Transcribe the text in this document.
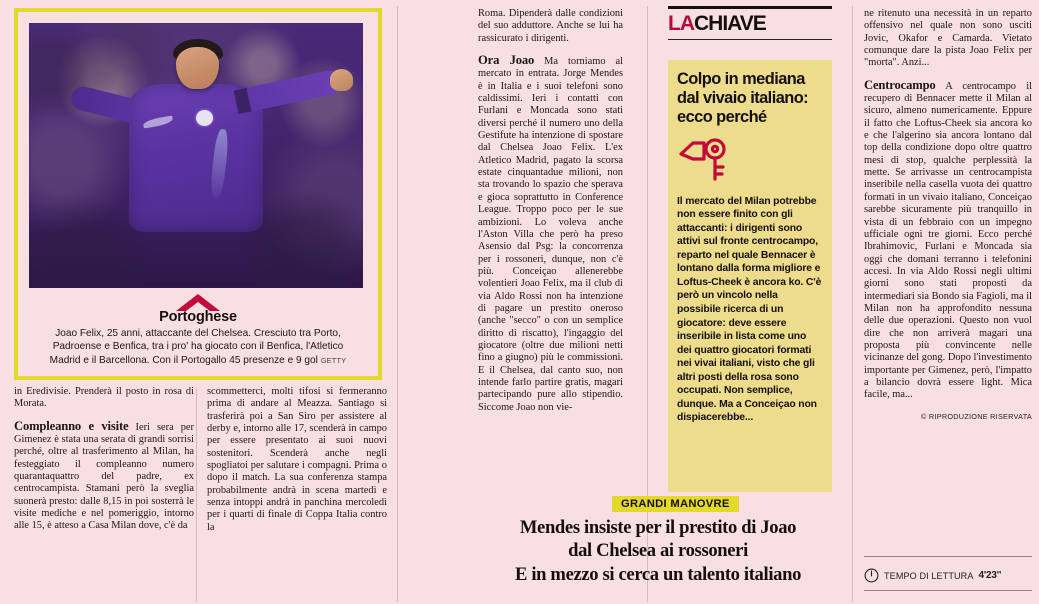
Portoghese
Joao Felix, 25 anni, attaccante del Chelsea. Cresciuto tra Porto, Padroense e Benfica, tra i pro' ha giocato con il Benfica, l'Atletico Madrid e il Barcellona. Con il Portogallo 45 presenze e 9 gol GETTY

in Eredivisie. Prenderà il posto in rosa di Morata.

Compleanno e visite Ieri sera per Gimenez è stata una serata di grandi sorrisi perché, oltre al trasferimento al Milan, ha festeggiato il compleanno numero quarantaquattro del padre, ex centrocampista. Stamani però la sveglia suonerà presto: dalle 8,15 in poi sosterrà le visite mediche e nel pomeriggio, intorno alle 15, è atteso a Casa Milan dove, c'è da

scommetterci, molti tifosi si fermeranno prima di andare al Meazza. Santiago si trasferirà poi a San Siro per assistere al derby e, intorno alle 17, scenderà in campo per essere presentato ai suoi nuovi sostenitori. Scenderà anche negli spogliatoi per salutare i compagni. Prima o dopo il match. La sua conferenza stampa probabilmente andrà in scena martedì e senza intoppi andrà in panchina mercoledì per i quarti di finale di Coppa Italia contro la

Roma. Dipenderà dalle condizioni del suo adduttore. Anche se lui ha rassicurato i dirigenti.

Ora Joao Ma torniamo al mercato in entrata. Jorge Mendes è in Italia e i suoi telefoni sono caldissimi. Ieri i contatti con Furlani e Moncada sono stati diversi perché il numero uno della Gestifute ha intenzione di spostare dal Chelsea Joao Felix. L'ex Atletico Madrid, pagato la scorsa estate cinquantadue milioni, non sta trovando lo spazio che sperava e gioca soprattutto in Conference League. Troppo poco per le sue ambizioni. Lo voleva anche l'Aston Villa che però ha preso Asensio dal Psg: la concorrenza per i rossoneri, dunque, non c'è più. Conceiçao allenerebbe volentieri Joao Felix, ma il club di via Aldo Rossi non ha intenzione di pagare un prestito oneroso (anche "secco" o con un semplice diritto di riscatto), l'ingaggio del giocatore (oltre due milioni netti fino a giugno) più le commissioni. E il Chelsea, dal canto suo, non intende farlo partire gratis, magari partecipando pure allo stipendio. Siccome Joao non vie-

LACHIAVE
Colpo in mediana dal vivaio italiano: ecco perché
Il mercato del Milan potrebbe non essere finito con gli attaccanti: i dirigenti sono attivi sul fronte centrocampo, reparto nel quale Bennacer è lontano dalla forma migliore e Loftus-Cheek è ancora ko. C'è però un vincolo nella possibile ricerca di un giocatore: deve essere inseribile in lista come uno dei quattro giocatori formati nei vivai italiani, visto che gli altri posti della rosa sono occupati. Non semplice, dunque. Ma a Conceiçao non dispiacerebbe...
GRANDI MANOVRE
Mendes insiste per il prestito di Joao
dal Chelsea ai rossoneri
E in mezzo si cerca un talento italiano

ne ritenuto una necessità in un reparto offensivo nel quale non sono usciti Jovic, Okafor e Camarda. Vietato comunque dare la pista Joao Felix per "morta". Anzi...

Centrocampo A centrocampo il recupero di Bennacer mette il Milan al sicuro, almeno numericamente. Eppure il fatto che Loftus-Cheek sia ancora ko e che l'algerino sia ancora lontano dal top della condizione dopo oltre quattro mesi di stop, qualche perplessità la mette. Se arrivasse un centrocampista inseribile nella casella vuota dei quattro formati in un vivaio italiano, Conceiçao sarebbe sicuramente più tranquillo in vista di un febbraio con un impegno ufficiale ogni tre giorni. Ecco perché Ibrahimovic, Furlani e Moncada sia oggi che domani terranno i telefonini accesi. In via Aldo Rossi negli ultimi giorni sono stati proposti da intermediari sia Bondo sia Fagioli, ma il Milan non ha approfondito nessuna delle due operazioni. Questo non vuol dire che non arriverà magari una proposta più convincente nelle vicinanze del gong. Dopo l'investimento importante per Gimenez, però, l'impatto a bilancio dovrà essere light. Mica facile, ma...

© RIPRODUZIONE RISERVATA
TEMPO DI LETTURA 4'23''
